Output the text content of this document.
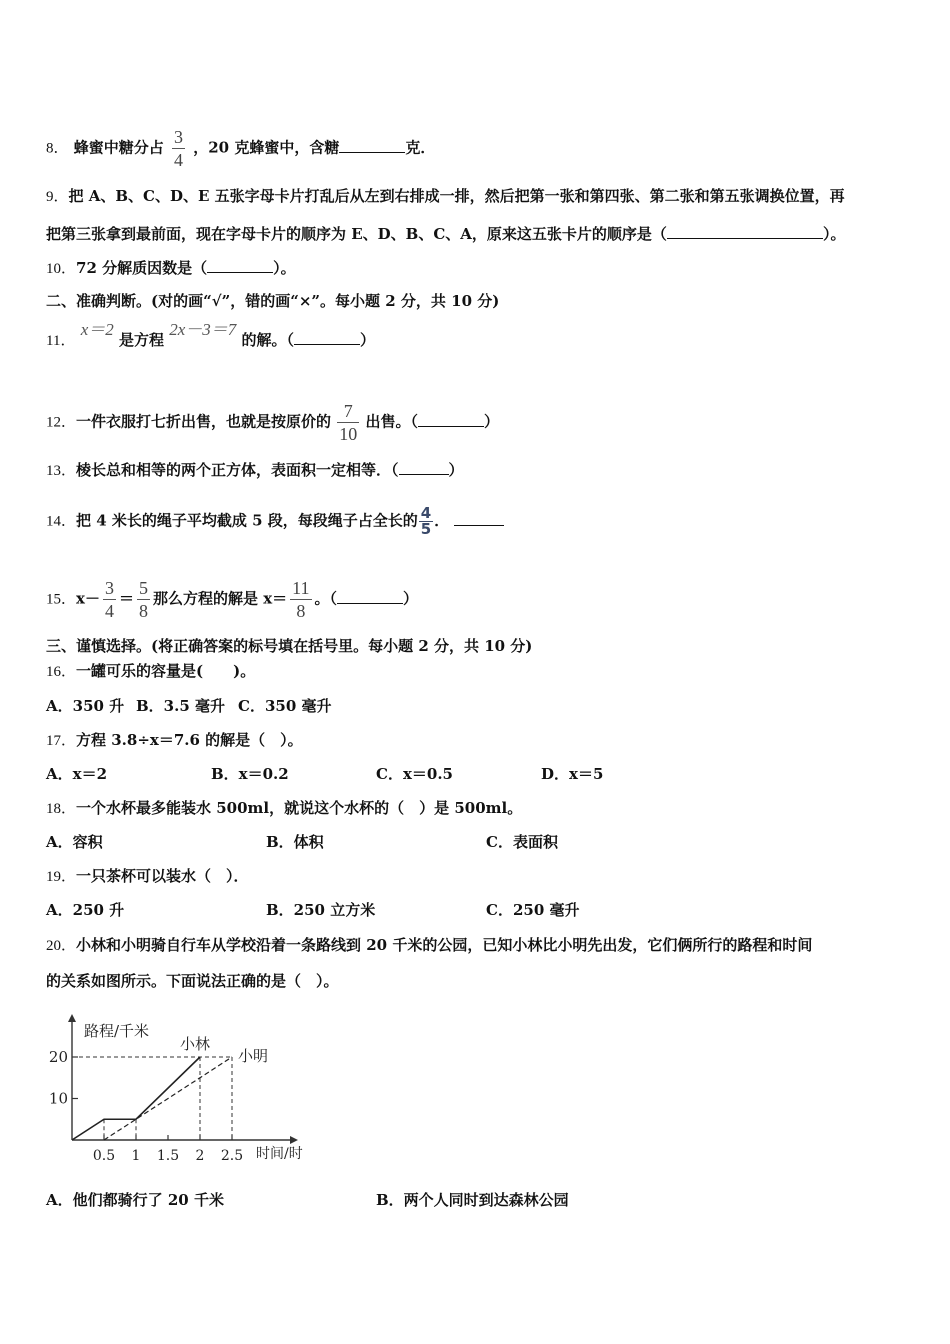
8． 蜂蜜中糖分占 $\frac{3}{4}$ ，20 克蜂蜜中，含糖	克．
9．把 A、B、C、D、E 五张字母卡片打乱后从左到右排成一排，然后把第一张和第四张、第二张和第五张调换位置，再
把第三张拿到最前面，现在字母卡片的顺序为 E、D、B、C、A，原来这五张卡片的顺序是（	）。
10．72 分解质因数是（	）。
二、准确判断。(对的画“√”，错的画“×”。每小题 2 分，共 10 分)
11． x＝2 是方程 2x－3＝7 的解。（	）
12．一件衣服打七折出售，也就是按原价的 $\frac{7}{10}$ 出售。（	）
13．棱长总和相等的两个正方体，表面积一定相等．（	）
14．把 4 米长的绳子平均截成 5 段，每段绳子占全长的 $\frac{4}{5}$ ．
15．$x- \frac{3}{4} = \frac{5}{8}$ 那么方程的解是 $x= \frac{11}{8}$ 。（	）
三、谨慎选择。(将正确答案的标号填在括号里。每小题 2 分，共 10 分)
16．一罐可乐的容量是(　　)。
A．350 升 B．3.5 毫升 C．350 毫升
17．方程 3.8÷x＝7.6 的解是（　）。
A．x＝2	B．x＝0.2	C．x＝0.5	D．x＝5
18．一个水杯最多能装水 500ml，就说这个水杯的（　）是 500ml。
A．容积	B．体积	C．表面积
19．一只茶杯可以装水（　）．
A．250 升	B．250 立方米	C．250 毫升
20．小林和小明骑自行车从学校沿着一条路线到 20 千米的公园，已知小林比小明先出发，它们俩所行的路程和时间
的关系如图所示。下面说法正确的是（　）。
10
20
0.5 1 1.5 2 2.5
小林
小明
路程/千米
时间/时
A．他们都骑行了 20 千米	B．两个人同时到达森林公园
